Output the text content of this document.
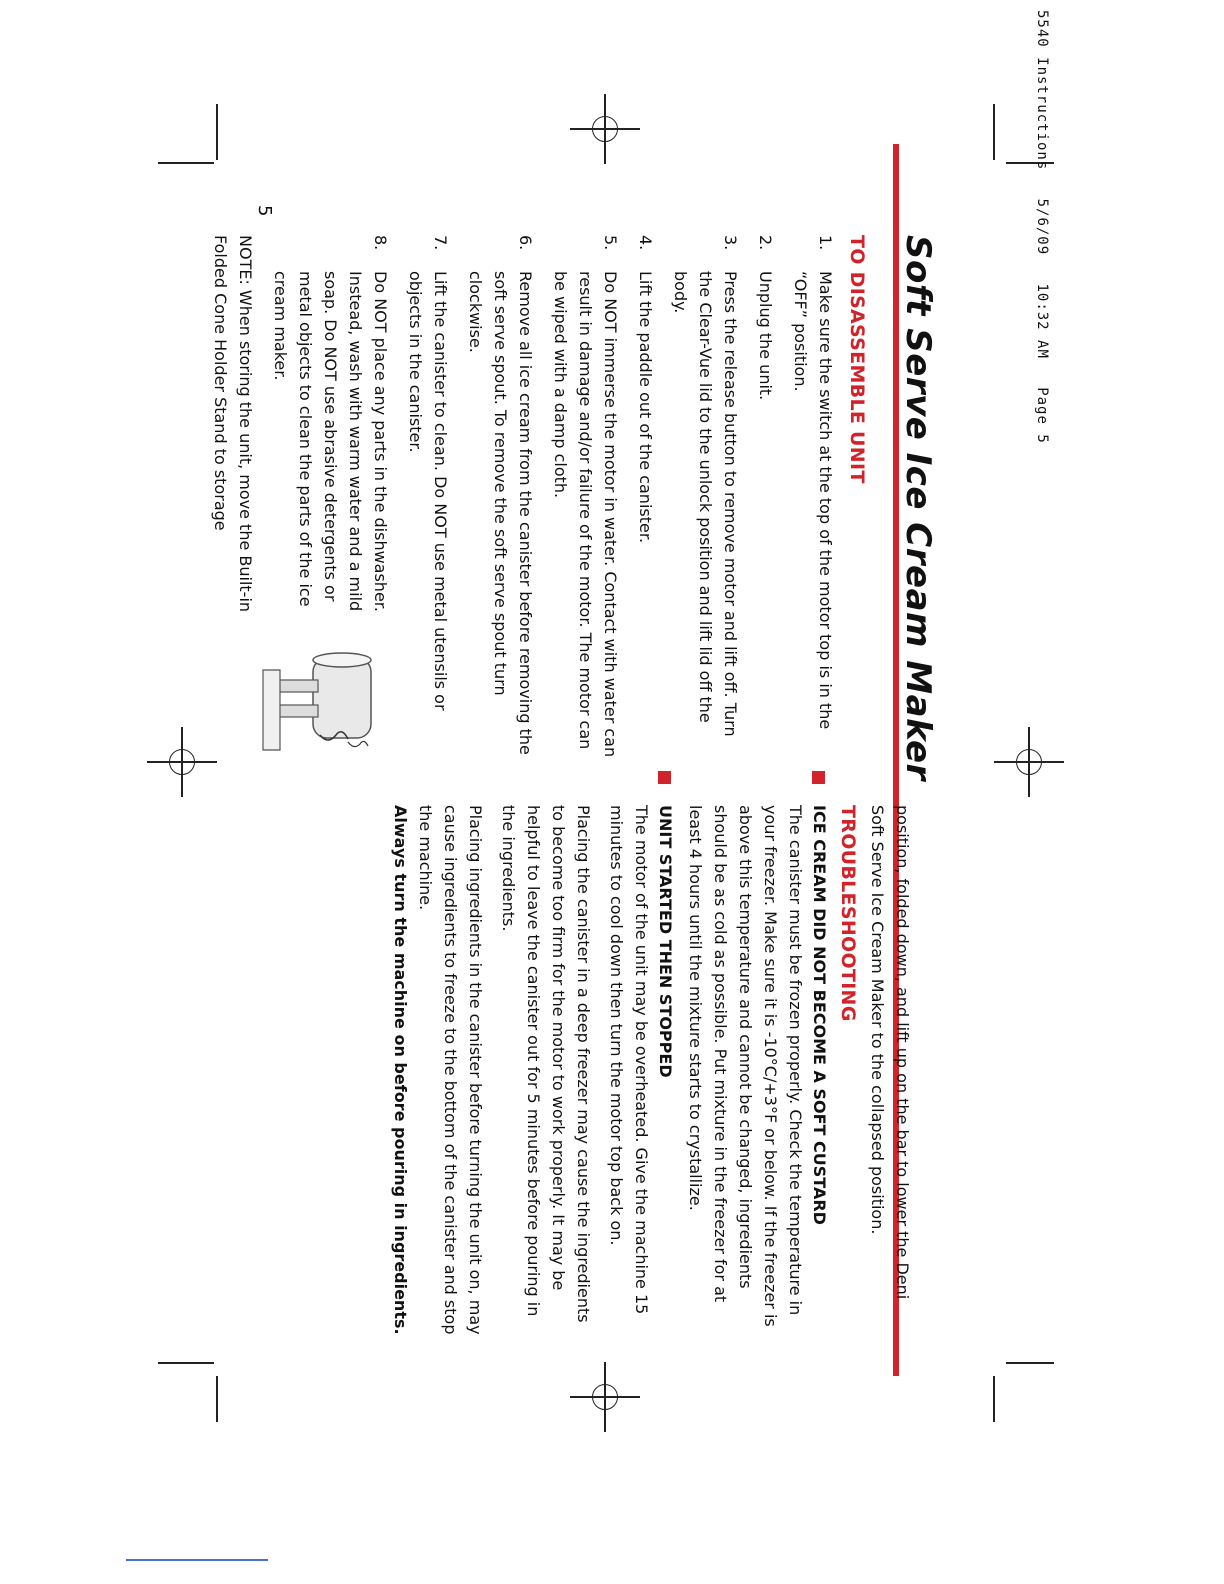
5540 Instructions   5/6/09   10:32 AM   Page 5
Soft Serve Ice Cream Maker
TO DISASSEMBLE UNIT
1.
Make sure the switch at the top of the motor top is in the “OFF” position.
2.
Unplug the unit.
3.
Press the release button to remove motor and lift off. Turn the Clear-Vue lid to the unlock position and lift lid off the body.
4.
Lift the paddle out of the canister.
5.
Do NOT immerse the motor in water. Contact with water can result in damage and/or failure of the motor. The motor can be wiped with a damp cloth.
6.
Remove all ice cream from the canister before removing the soft serve spout. To remove the soft serve spout turn clockwise.
7.
Lift the canister to clean. Do NOT use metal utensils or objects in the canister.
8.
Do NOT place any parts in the dishwasher. Instead, wash with warm water and a mild soap. Do NOT use abrasive detergents or metal objects to clean the parts of the ice cream maker.
NOTE: When storing the unit, move the Built-in Folded Cone Holder Stand to storage

position, folded down, and lift up on the bar to lower the Deni Soft Serve Ice Cream Maker to the collapsed position.

TROUBLESHOOTING
ICE CREAM DID NOT BECOME A SOFT CUSTARD

The canister must be frozen properly. Check the temperature in your freezer. Make sure it is -10°C/+3°F or below. If the freezer is above this temperature and cannot be changed, ingredients should be as cold as possible. Put mixture in the freezer for at least 4 hours until the mixture starts to crystallize.

UNIT STARTED THEN STOPPED

The motor of the unit may be overheated. Give the machine 15 minutes to cool down then turn the motor top back on.

Placing the canister in a deep freezer may cause the ingredients to become too firm for the motor to work properly. It may be helpful to leave the canister out for 5 minutes before pouring in the ingredients.

Placing ingredients in the canister before turning the unit on, may cause ingredients to freeze to the bottom of the canister and stop the machine.

Always turn the machine on before pouring in ingredients.
5
